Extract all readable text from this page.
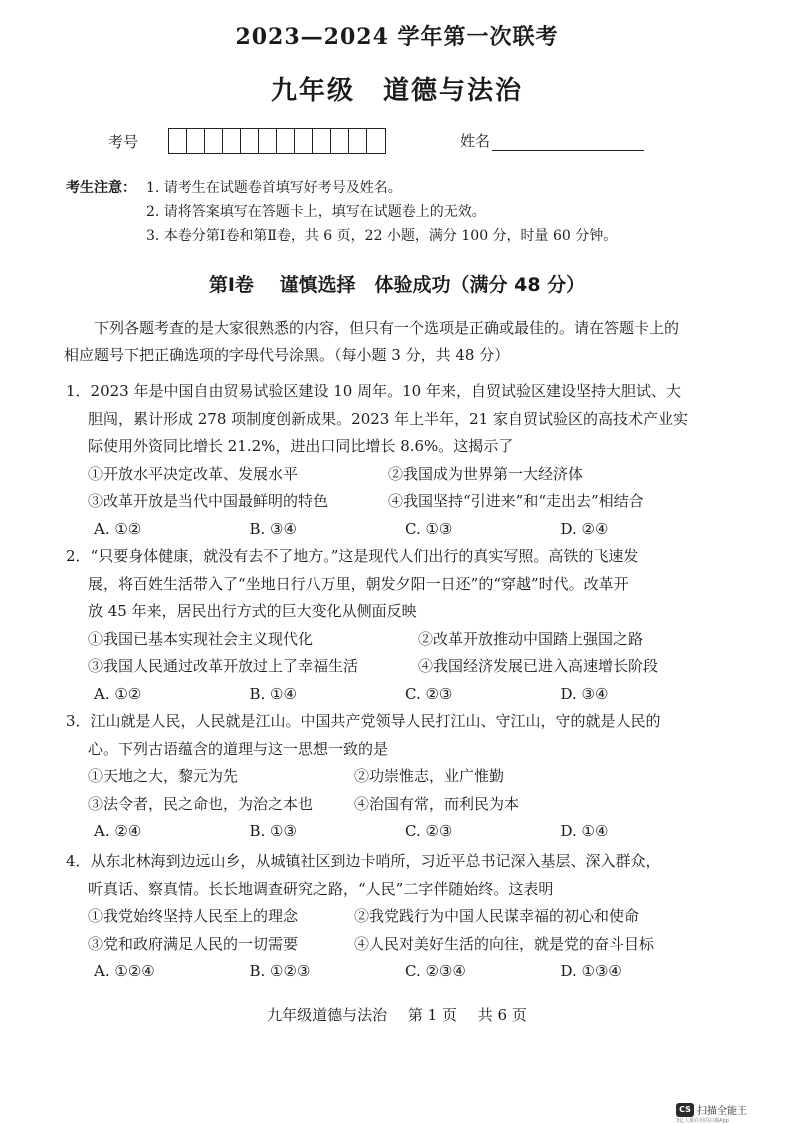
2023—2024 学年第一次联考
九年级 道德与法治
考号	姓名
考生注意： 1. 请考生在试题卷首填写好考号及姓名。
2. 请将答案填写在答题卡上，填写在试题卷上的无效。
3. 本卷分第Ⅰ卷和第Ⅱ卷，共 6 页，22 小题，满分 100 分，时量 60 分钟。
第Ⅰ卷　 谨慎选择　体验成功（满分 48 分）
下列各题考查的是大家很熟悉的内容，但只有一个选项是正确或最佳的。请在答题卡上的
相应题号下把正确选项的字母代号涂黑。（每小题 3 分，共 48 分）
1．2023 年是中国自由贸易试验区建设 10 周年。10 年来，自贸试验区建设坚持大胆试、大
胆闯，累计形成 278 项制度创新成果。2023 年上半年，21 家自贸试验区的高技术产业实
际使用外资同比增长 21.2%，进出口同比增长 8.6%。这揭示了
①开放水平决定改革、发展水平	②我国成为世界第一大经济体
③改革开放是当代中国最鲜明的特色	④我国坚持“引进来”和“走出去”相结合
A. ①②	B. ③④	C. ①③	D. ②④
2．“只要身体健康，就没有去不了地方。”这是现代人们出行的真实写照。高铁的飞速发
展，将百姓生活带入了“坐地日行八万里，朝发夕阳一日还”的“穿越”时代。改革开
放 45 年来，居民出行方式的巨大变化从侧面反映
①我国已基本实现社会主义现代化	②改革开放推动中国踏上强国之路
③我国人民通过改革开放过上了幸福生活	④我国经济发展已进入高速增长阶段
A. ①②	B. ①④	C. ②③	D. ③④
3．江山就是人民，人民就是江山。中国共产党领导人民打江山、守江山，守的就是人民的
心。下列古语蕴含的道理与这一思想一致的是
①天地之大，黎元为先	②功崇惟志，业广惟勤
③法令者，民之命也，为治之本也	④治国有常，而利民为本
A. ②④	B. ①③	C. ②③	D. ①④
4．从东北林海到边远山乡，从城镇社区到边卡哨所，习近平总书记深入基层、深入群众，
听真话、察真情。长长地调查研究之路，“人民”二字伴随始终。这表明
①我党始终坚持人民至上的理念	②我党践行为中国人民谋幸福的初心和使命
③党和政府满足人民的一切需要	④人民对美好生活的向往，就是党的奋斗目标
A. ①②④	B. ①②③	C. ②③④	D. ①③④
九年级道德与法治 第 1 页 共 6 页
CS 扫描全能王
3亿人都在用的扫描App
